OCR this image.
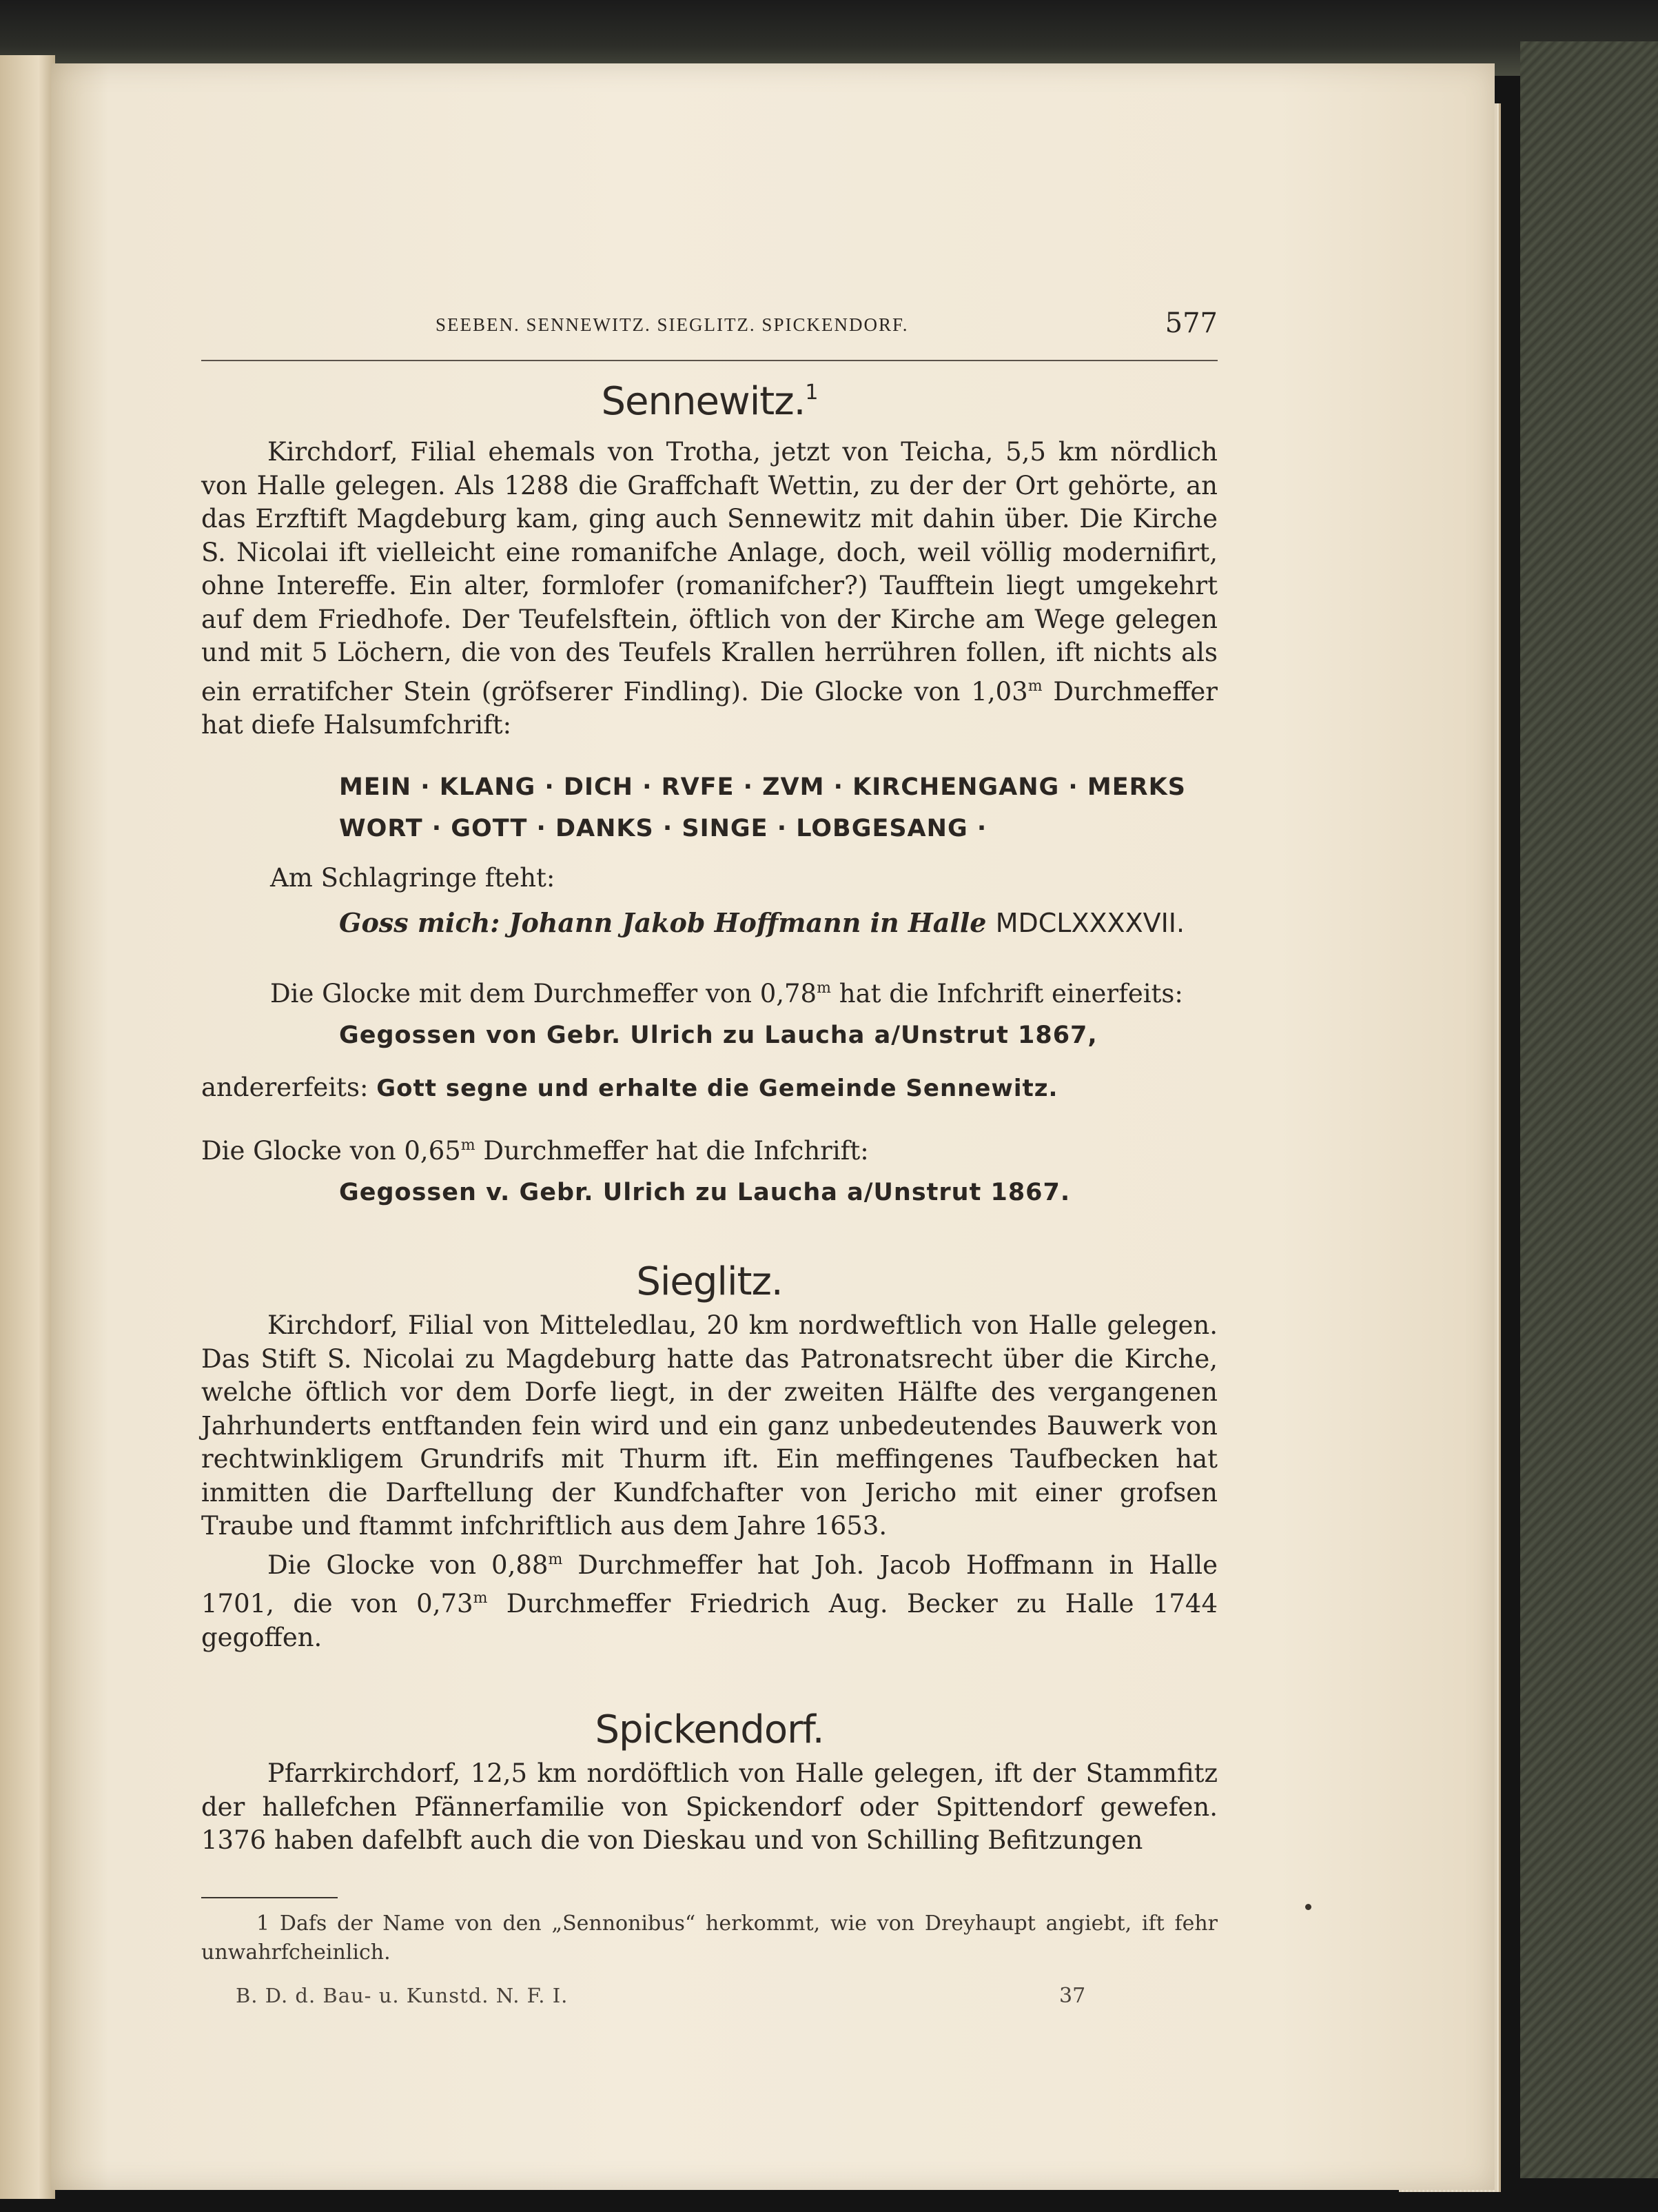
SEEBEN. SENNEWITZ. SIEGLITZ. SPICKENDORF.	577
Sennewitz.$^1$

Kirchdorf, Filial ehemals von Trotha, jetzt von Teicha, 5,5 km nördlich von Halle gelegen. Als 1288 die Graffchaft Wettin, zu der der Ort gehörte, an das Erzftift Magdeburg kam, ging auch Sennewitz mit dahin über. Die Kirche S. Nicolai ift vielleicht eine romanifche Anlage, doch, weil völlig modernifirt, ohne Intereffe. Ein alter, formlofer (romanifcher?) Taufftein liegt umgekehrt auf dem Friedhofe. Der Teufelsftein, öftlich von der Kirche am Wege gelegen und mit 5 Löchern, die von des Teufels Krallen herrühren follen, ift nichts als ein erratifcher Stein (gröfserer Findling). Die Glocke von 1,03$^m$ Durchmeffer hat diefe Halsumfchrift:

MEIN · KLANG · DICH · RVFE · ZVM · KIRCHENGANG · MERKS WORT · GOTT · DANKS · SINGE · LOBGESANG ·

Am Schlagringe fteht:

Goss mich: Johann Jakob Hoffmann in Halle MDCLXXXXVII.

Die Glocke mit dem Durchmeffer von 0,78$^m$ hat die Infchrift einerfeits:

Gegossen von Gebr. Ulrich zu Laucha a/Unstrut 1867,

andererfeits: Gott segne und erhalte die Gemeinde Sennewitz.

Die Glocke von 0,65$^m$ Durchmeffer hat die Infchrift:

Gegossen v. Gebr. Ulrich zu Laucha a/Unstrut 1867.
Sieglitz.

Kirchdorf, Filial von Mitteledlau, 20 km nordweftlich von Halle gelegen. Das Stift S. Nicolai zu Magdeburg hatte das Patronatsrecht über die Kirche, welche öftlich vor dem Dorfe liegt, in der zweiten Hälfte des vergangenen Jahrhunderts entftanden fein wird und ein ganz unbedeutendes Bauwerk von rechtwinkligem Grundrifs mit Thurm ift. Ein meffingenes Taufbecken hat inmitten die Darftellung der Kundfchafter von Jericho mit einer grofsen Traube und ftammt infchriftlich aus dem Jahre 1653.

Die Glocke von 0,88$^m$ Durchmeffer hat Joh. Jacob Hoffmann in Halle 1701, die von 0,73$^m$ Durchmeffer Friedrich Aug. Becker zu Halle 1744 gegoffen.

Spickendorf.

Pfarrkirchdorf, 12,5 km nordöftlich von Halle gelegen, ift der Stammfitz der hallefchen Pfännerfamilie von Spickendorf oder Spittendorf gewefen. 1376 haben dafelbft auch die von Dieskau und von Schilling Befitzungen

1 Dafs der Name von den „Sennonibus“ herkommt, wie von Dreyhaupt angiebt, ift fehr unwahrfcheinlich.
B. D. d. Bau- u. Kunstd. N. F. I.	37
